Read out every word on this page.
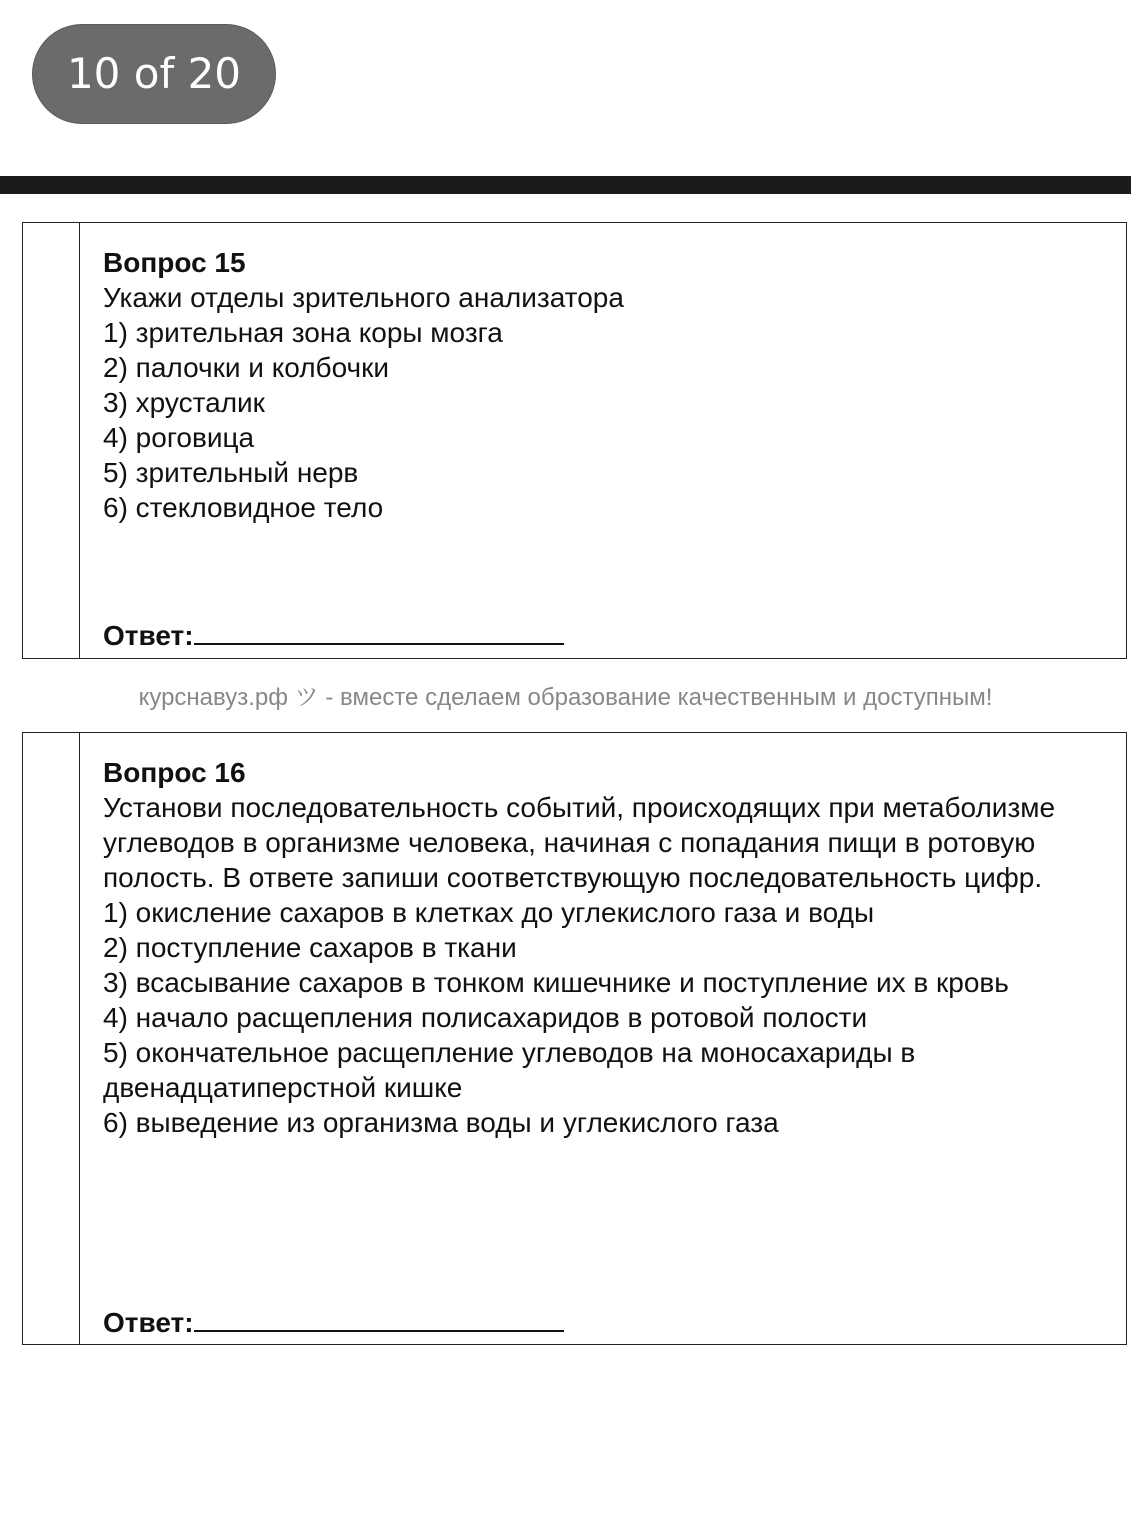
10 of 20

Вопрос 15

Укажи отделы зрительного анализатора

1) зрительная зона коры мозга

2) палочки и колбочки

3) хрусталик

4) роговица

5) зрительный нерв

6) стекловидное тело

Ответ:
курснавуз.рф ツ - вместе сделаем образование качественным и доступным!

Вопрос 16

Установи последовательность событий, происходящих при метаболизме углеводов в организме человека, начиная с попадания пищи в ротовую полость. В ответе запиши соответствующую последовательность цифр.

1) окисление сахаров в клетках до углекислого газа и воды

2) поступление сахаров в ткани

3) всасывание сахаров в тонком кишечнике и поступление их в кровь

4) начало расщепления полисахаридов в ротовой полости

5) окончательное расщепление углеводов на моносахариды в двенадцатиперстной кишке

6) выведение из организма воды и углекислого газа

Ответ:
